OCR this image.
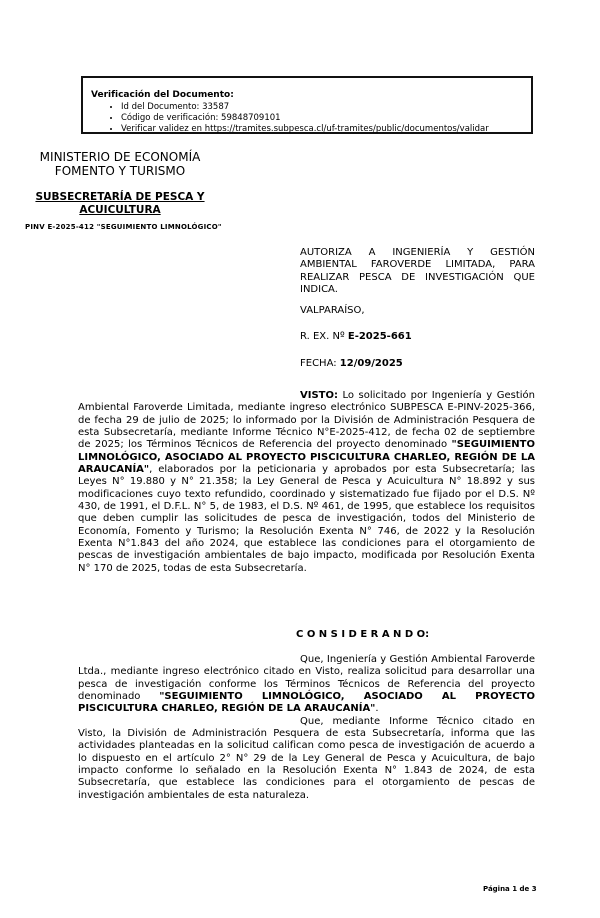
Verificación del Documento:
• Id del Documento: 33587
• Código de verificación: 59848709101
• Verificar validez en https://tramites.subpesca.cl/uf-tramites/public/documentos/validar
MINISTERIO DE ECONOMÍA
FOMENTO Y TURISMO
SUBSECRETARÍA DE PESCA Y
ACUICULTURA
PINV E-2025-412 "SEGUIMIENTO LIMNOLÓGICO"
AUTORIZA A INGENIERÍA Y GESTIÓN AMBIENTAL FAROVERDE LIMITADA, PARA REALIZAR PESCA DE INVESTIGACIÓN QUE INDICA.
VALPARAÍSO,
R. EX. Nº E-2025-661
FECHA: 12/09/2025

VISTO: Lo solicitado por Ingeniería y Gestión Ambiental Faroverde Limitada, mediante ingreso electrónico SUBPESCA E-PINV-2025-366, de fecha 29 de julio de 2025; lo informado por la División de Administración Pesquera de esta Subsecretaría, mediante Informe Técnico N°E-2025-412, de fecha 02 de septiembre de 2025; los Términos Técnicos de Referencia del proyecto denominado "SEGUIMIENTO LIMNOLÓGICO, ASOCIADO AL PROYECTO PISCICULTURA CHARLEO, REGIÓN DE LA ARAUCANÍA", elaborados por la peticionaria y aprobados por esta Subsecretaría; las Leyes N° 19.880 y N° 21.358; la Ley General de Pesca y Acuicultura N° 18.892 y sus modificaciones cuyo texto refundido, coordinado y sistematizado fue fijado por el D.S. Nº 430, de 1991, el D.F.L. N° 5, de 1983, el D.S. Nº 461, de 1995, que establece los requisitos que deben cumplir las solicitudes de pesca de investigación, todos del Ministerio de Economía, Fomento y Turismo; la Resolución Exenta N° 746, de 2022 y la Resolución Exenta N°1.843 del año 2024, que establece las condiciones para el otorgamiento de pescas de investigación ambientales de bajo impacto, modificada por Resolución Exenta N° 170 de 2025, todas de esta Subsecretaría.

C O N S I D E R A N D O:

Que, Ingeniería y Gestión Ambiental Faroverde Ltda., mediante ingreso electrónico citado en Visto, realiza solicitud para desarrollar una pesca de investigación conforme los Términos Técnicos de Referencia del proyecto denominado "SEGUIMIENTO LIMNOLÓGICO, ASOCIADO AL PROYECTO PISCICULTURA CHARLEO, REGIÓN DE LA ARAUCANÍA".

Que, mediante Informe Técnico citado en Visto, la División de Administración Pesquera de esta Subsecretaría, informa que las actividades planteadas en la solicitud califican como pesca de investigación de acuerdo a lo dispuesto en el artículo 2° N° 29 de la Ley General de Pesca y Acuicultura, de bajo impacto conforme lo señalado en la Resolución Exenta N° 1.843 de 2024, de esta Subsecretaría, que establece las condiciones para el otorgamiento de pescas de investigación ambientales de esta naturaleza.

Página 1 de 3
